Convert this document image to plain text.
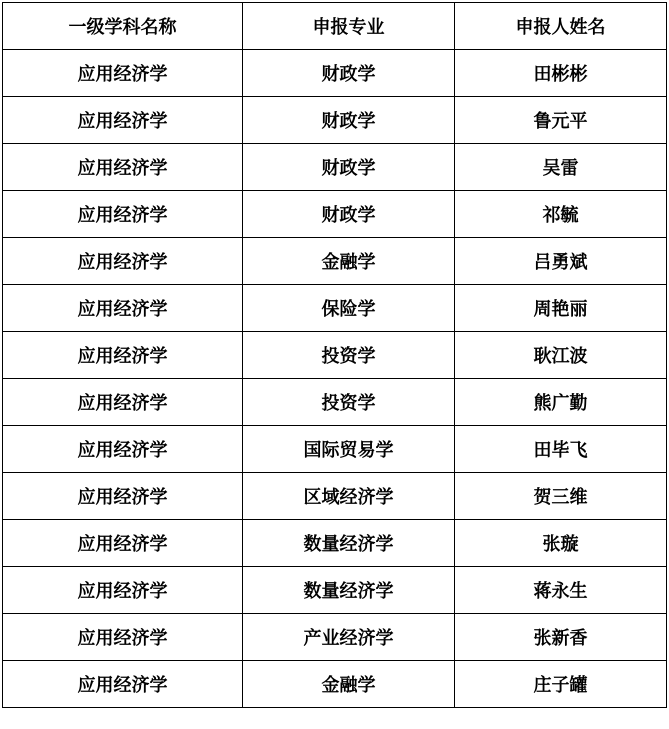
一级学科名称	申报专业	申报人姓名
应用经济学	财政学	田彬彬
应用经济学	财政学	鲁元平
应用经济学	财政学	吴雷
应用经济学	财政学	祁毓
应用经济学	金融学	吕勇斌
应用经济学	保险学	周艳丽
应用经济学	投资学	耿江波
应用经济学	投资学	熊广勤
应用经济学	国际贸易学	田毕飞
应用经济学	区域经济学	贺三维
应用经济学	数量经济学	张璇
应用经济学	数量经济学	蒋永生
应用经济学	产业经济学	张新香
应用经济学	金融学	庄子罐
